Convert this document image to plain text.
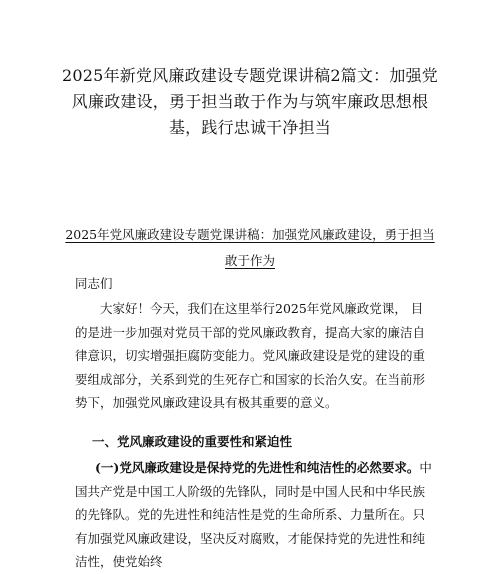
2025年新党风廉政建设专题党课讲稿2篇文：加强党风廉政建设，勇于担当敢于作为与筑牢廉政思想根基，践行忠诚干净担当
2025年党风廉政建设专题党课讲稿：加强党风廉政建设，勇于担当敢于作为

同志们

大家好！今天，我们在这里举行2025年党风廉政党课， 目的是进一步加强对党员干部的党风廉政教育，提高大家的廉洁自律意识，切实增强拒腐防变能力。党风廉政建设是党的建设的重要组成部分，关系到党的生死存亡和国家的长治久安。在当前形势下，加强党风廉政建设具有极其重要的意义。

一、党风廉政建设的重要性和紧迫性

(一)党风廉政建设是保持党的先进性和纯洁性的必然要求。中国共产党是中国工人阶级的先锋队，同时是中国人民和中华民族的先锋队。党的先进性和纯洁性是党的生命所系、力量所在。只有加强党风廉政建设，坚决反对腐败，才能保持党的先进性和纯洁性，使党始终
